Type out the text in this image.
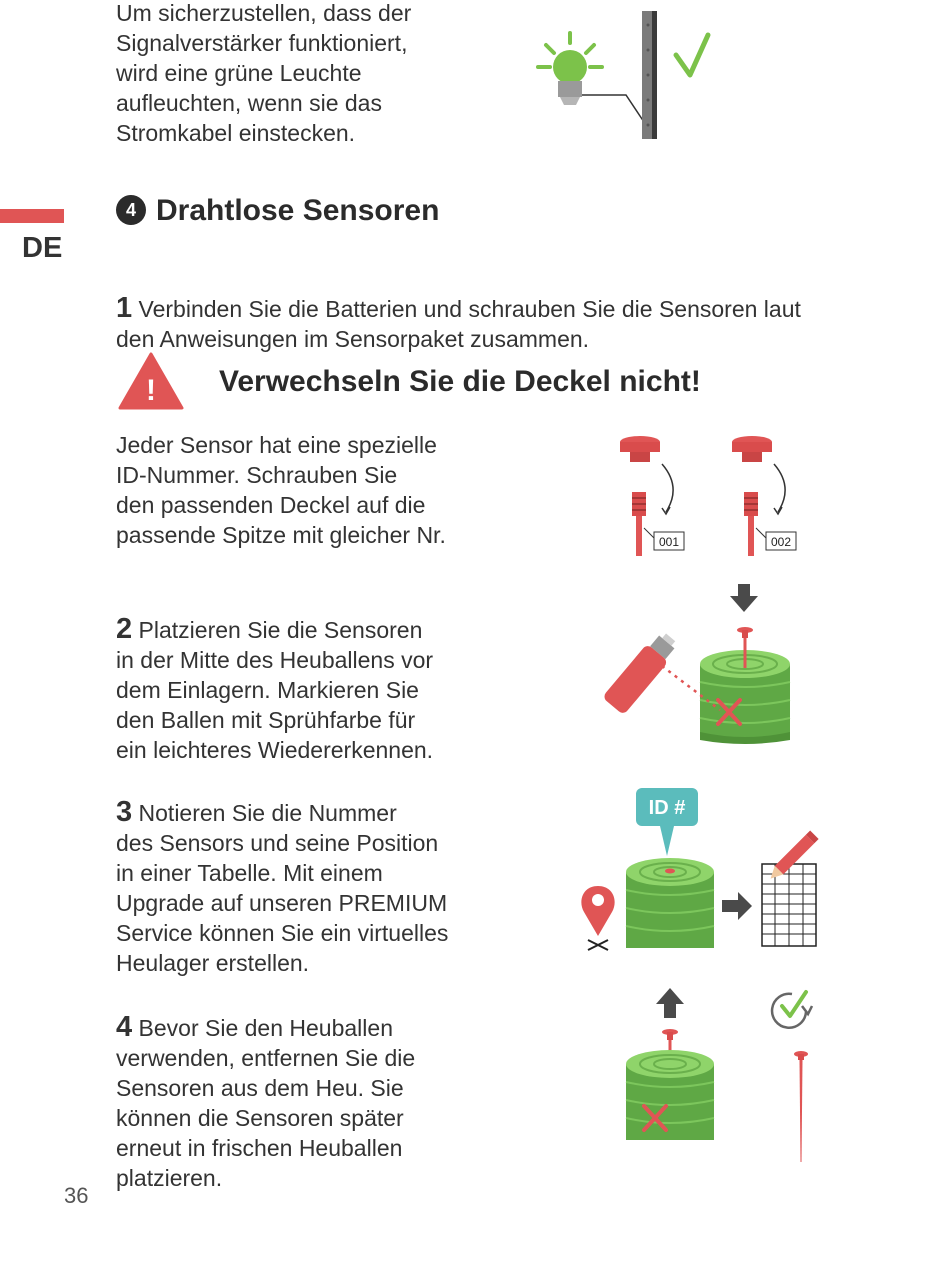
Um sicherzustellen, dass der
Signalverstärker funktioniert,
wird eine grüne Leuchte
aufleuchten, wenn sie das
Stromkabel einstecken.
DE
4 Drahtlose Sensoren

1 Verbinden Sie die Batterien und schrauben Sie die Sensoren laut
den Anweisungen im Sensorpaket zusammen.

! Verwechseln Sie die Deckel nicht!
Jeder Sensor hat eine spezielle
ID-Nummer. Schrauben Sie
den passenden Deckel auf die
passende Spitze mit gleicher Nr.	001	002

2 Platzieren Sie die Sensoren
in der Mitte des Heuballens vor
dem Einlagern. Markieren Sie
den Ballen mit Sprühfarbe für
ein leichteres Wiedererkennen.

3 Notieren Sie die Nummer
des Sensors und seine Position
in einer Tabelle. Mit einem
Upgrade auf unseren PREMIUM
Service können Sie ein virtuelles
Heulager erstellen.

ID #

4 Bevor Sie den Heuballen
verwenden, entfernen Sie die
Sensoren aus dem Heu. Sie
können die Sensoren später
erneut in frischen Heuballen
platzieren.

36
